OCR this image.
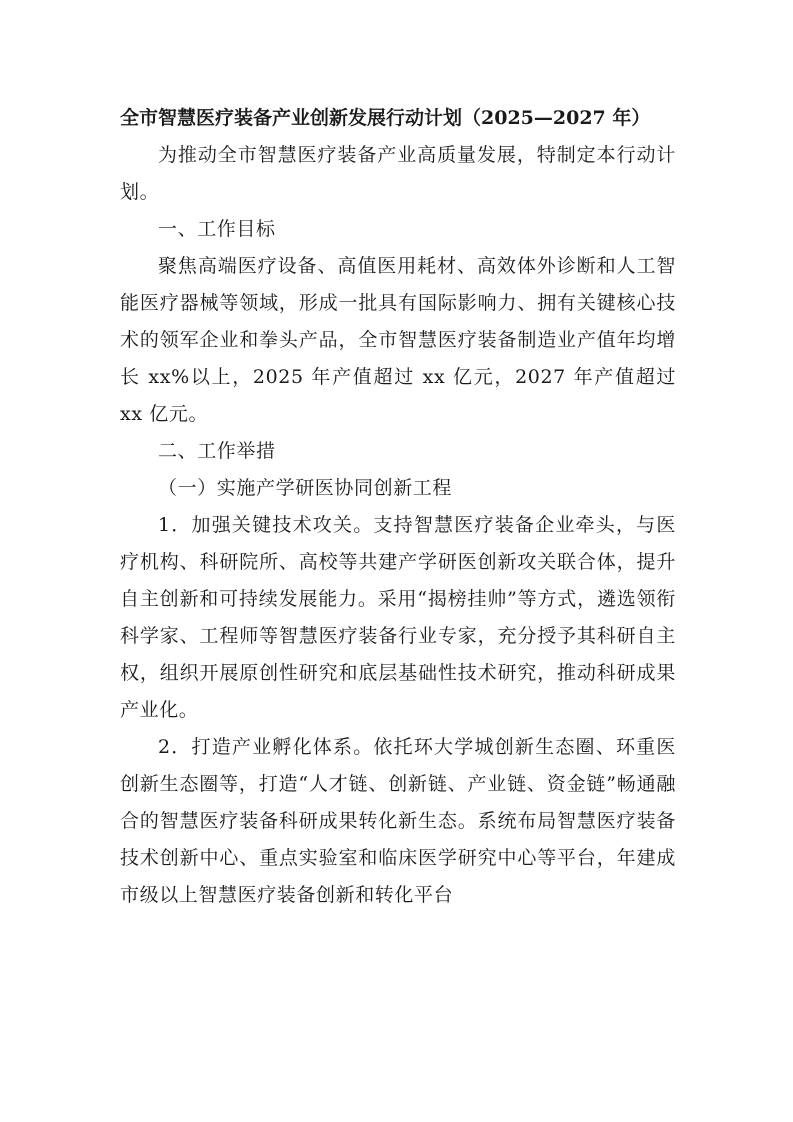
全市智慧医疗装备产业创新发展行动计划（2025—2027 年）

为推动全市智慧医疗装备产业高质量发展，特制定本行动计划。

一、工作目标

聚焦高端医疗设备、高值医用耗材、高效体外诊断和人工智能医疗器械等领域，形成一批具有国际影响力、拥有关键核心技术的领军企业和拳头产品，全市智慧医疗装备制造业产值年均增长 xx%以上，2025 年产值超过 xx 亿元，2027 年产值超过 xx 亿元。

二、工作举措

（一）实施产学研医协同创新工程

1．加强关键技术攻关。支持智慧医疗装备企业牵头，与医疗机构、科研院所、高校等共建产学研医创新攻关联合体，提升自主创新和可持续发展能力。采用“揭榜挂帅”等方式，遴选领衔科学家、工程师等智慧医疗装备行业专家，充分授予其科研自主权，组织开展原创性研究和底层基础性技术研究，推动科研成果产业化。

2．打造产业孵化体系。依托环大学城创新生态圈、环重医创新生态圈等，打造“人才链、创新链、产业链、资金链”畅通融合的智慧医疗装备科研成果转化新生态。系统布局智慧医疗装备技术创新中心、重点实验室和临床医学研究中心等平台，年建成市级以上智慧医疗装备创新和转化平台
